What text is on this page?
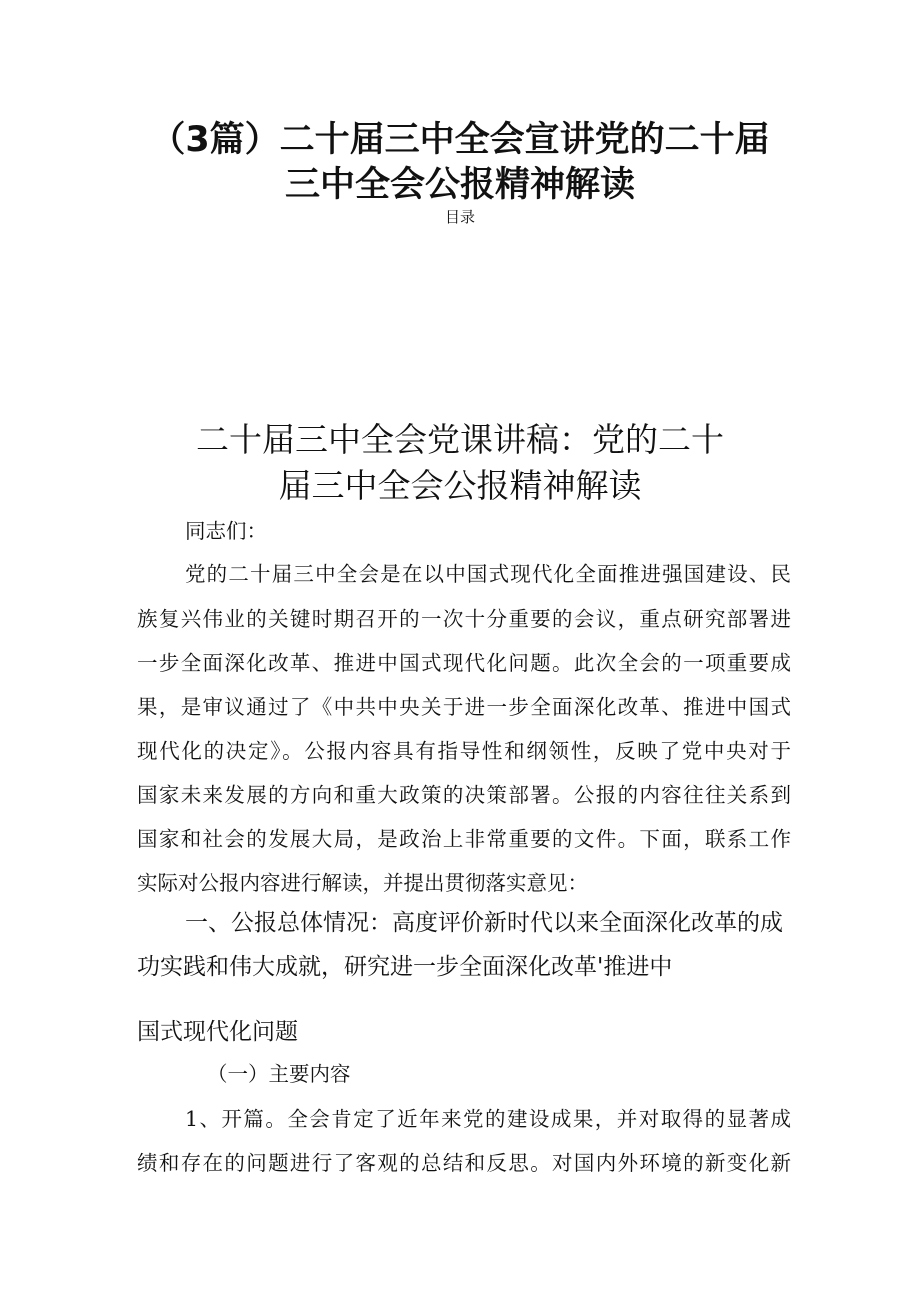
（3篇）二十届三中全会宣讲党的二十届
三中全会公报精神解读
目录
二十届三中全会党课讲稿：党的二十
届三中全会公报精神解读
同志们：
党的二十届三中全会是在以中国式现代化全面推进强国建设、民
族复兴伟业的关键时期召开的一次十分重要的会议，重点研究部署进
一步全面深化改革、推进中国式现代化问题。此次全会的一项重要成
果，是审议通过了《中共中央关于进一步全面深化改革、推进中国式
现代化的决定》。公报内容具有指导性和纲领性，反映了党中央对于
国家未来发展的方向和重大政策的决策部署。公报的内容往往关系到
国家和社会的发展大局，是政治上非常重要的文件。下面，联系工作
实际对公报内容进行解读，并提出贯彻落实意见：
一、公报总体情况：高度评价新时代以来全面深化改革的成
功实践和伟大成就，研究进一步全面深化改革'推进中
国式现代化问题
（一）主要内容
1、开篇。全会肯定了近年来党的建设成果，并对取得的显著成
绩和存在的问题进行了客观的总结和反思。对国内外环境的新变化新
